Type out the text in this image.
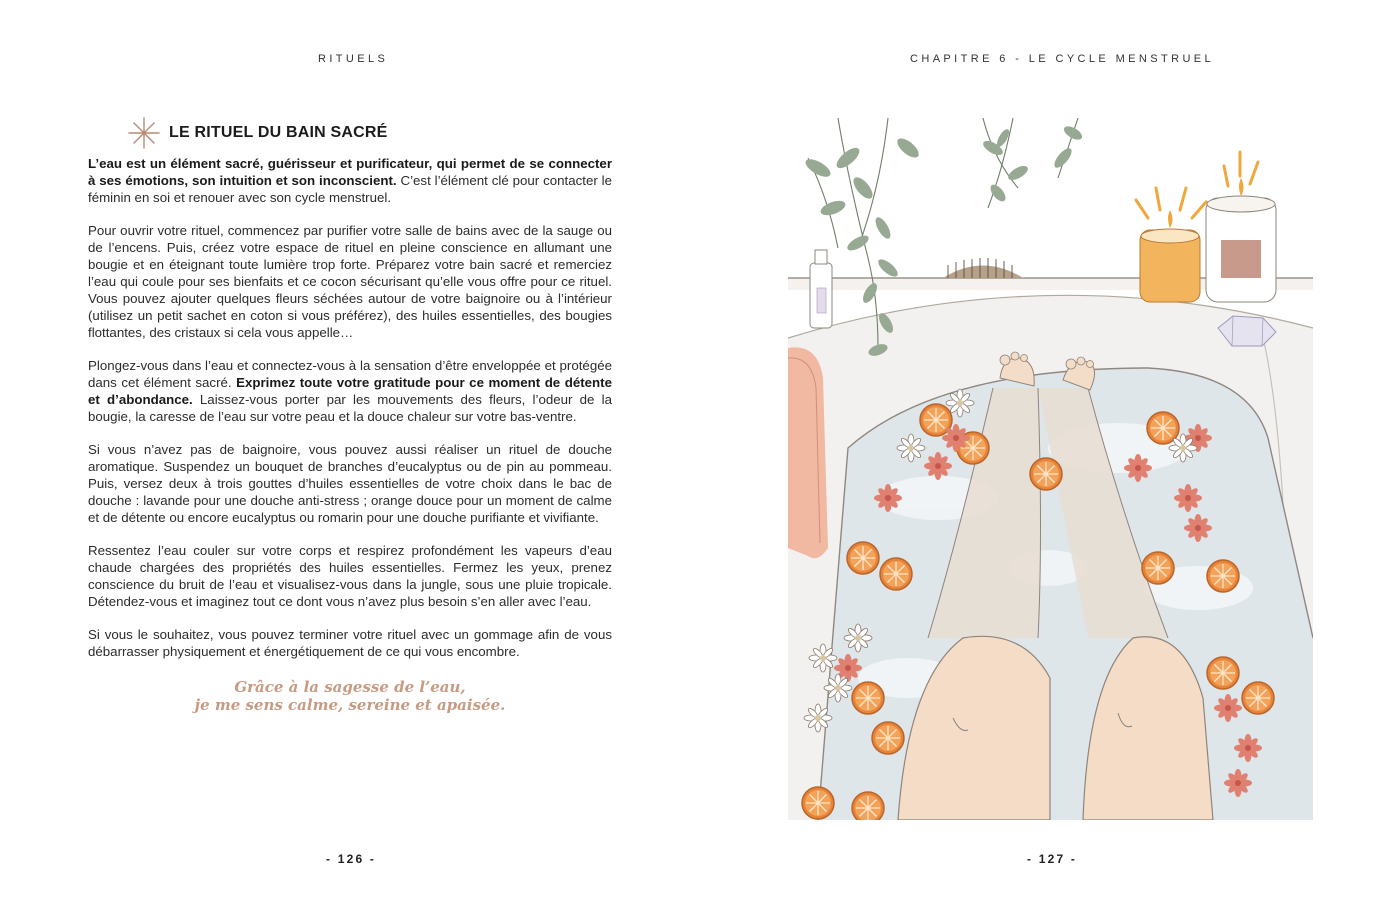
RITUELS
LE RITUEL DU BAIN SACRÉ

L’eau est un élément sacré, guérisseur et purificateur, qui permet de se connecter à ses émotions, son intuition et son inconscient. C’est l’élément clé pour contacter le féminin en soi et renouer avec son cycle menstruel.

Pour ouvrir votre rituel, commencez par purifier votre salle de bains avec de la sauge ou de l’encens. Puis, créez votre espace de rituel en pleine conscience en allumant une bougie et en éteignant toute lumière trop forte. Préparez votre bain sacré et remerciez l’eau qui coule pour ses bienfaits et ce cocon sécurisant qu’elle vous offre pour ce rituel. Vous pouvez ajouter quelques fleurs séchées autour de votre baignoire ou à l’intérieur (utilisez un petit sachet en coton si vous préférez), des huiles essentielles, des bougies flottantes, des cristaux si cela vous appelle…

Plongez-vous dans l’eau et connectez-vous à la sensation d’être enveloppée et protégée dans cet élément sacré. Exprimez toute votre gratitude pour ce moment de détente et d’abondance. Laissez-vous porter par les mouvements des fleurs, l’odeur de la bougie, la caresse de l’eau sur votre peau et la douce chaleur sur votre bas-ventre.

Si vous n’avez pas de baignoire, vous pouvez aussi réaliser un rituel de douche aromatique. Suspendez un bouquet de branches d’eucalyptus ou de pin au pommeau. Puis, versez deux à trois gouttes d’huiles essentielles de votre choix dans le bac de douche : lavande pour une douche anti-stress ; orange douce pour un moment de calme et de détente ou encore eucalyptus ou romarin pour une douche purifiante et vivifiante.

Ressentez l’eau couler sur votre corps et respirez profondément les vapeurs d’eau chaude chargées des propriétés des huiles essentielles. Fermez les yeux, prenez conscience du bruit de l’eau et visualisez-vous dans la jungle, sous une pluie tropicale. Détendez-vous et imaginez tout ce dont vous n’avez plus besoin s’en aller avec l’eau.

Si vous le souhaitez, vous pouvez terminer votre rituel avec un gommage afin de vous débarrasser physiquement et énergétiquement de ce qui vous encombre.

Grâce à la sagesse de l’eau,
je me sens calme, sereine et apaisée.
- 126 -
CHAPITRE 6 - LE CYCLE MENSTRUEL
- 127 -
